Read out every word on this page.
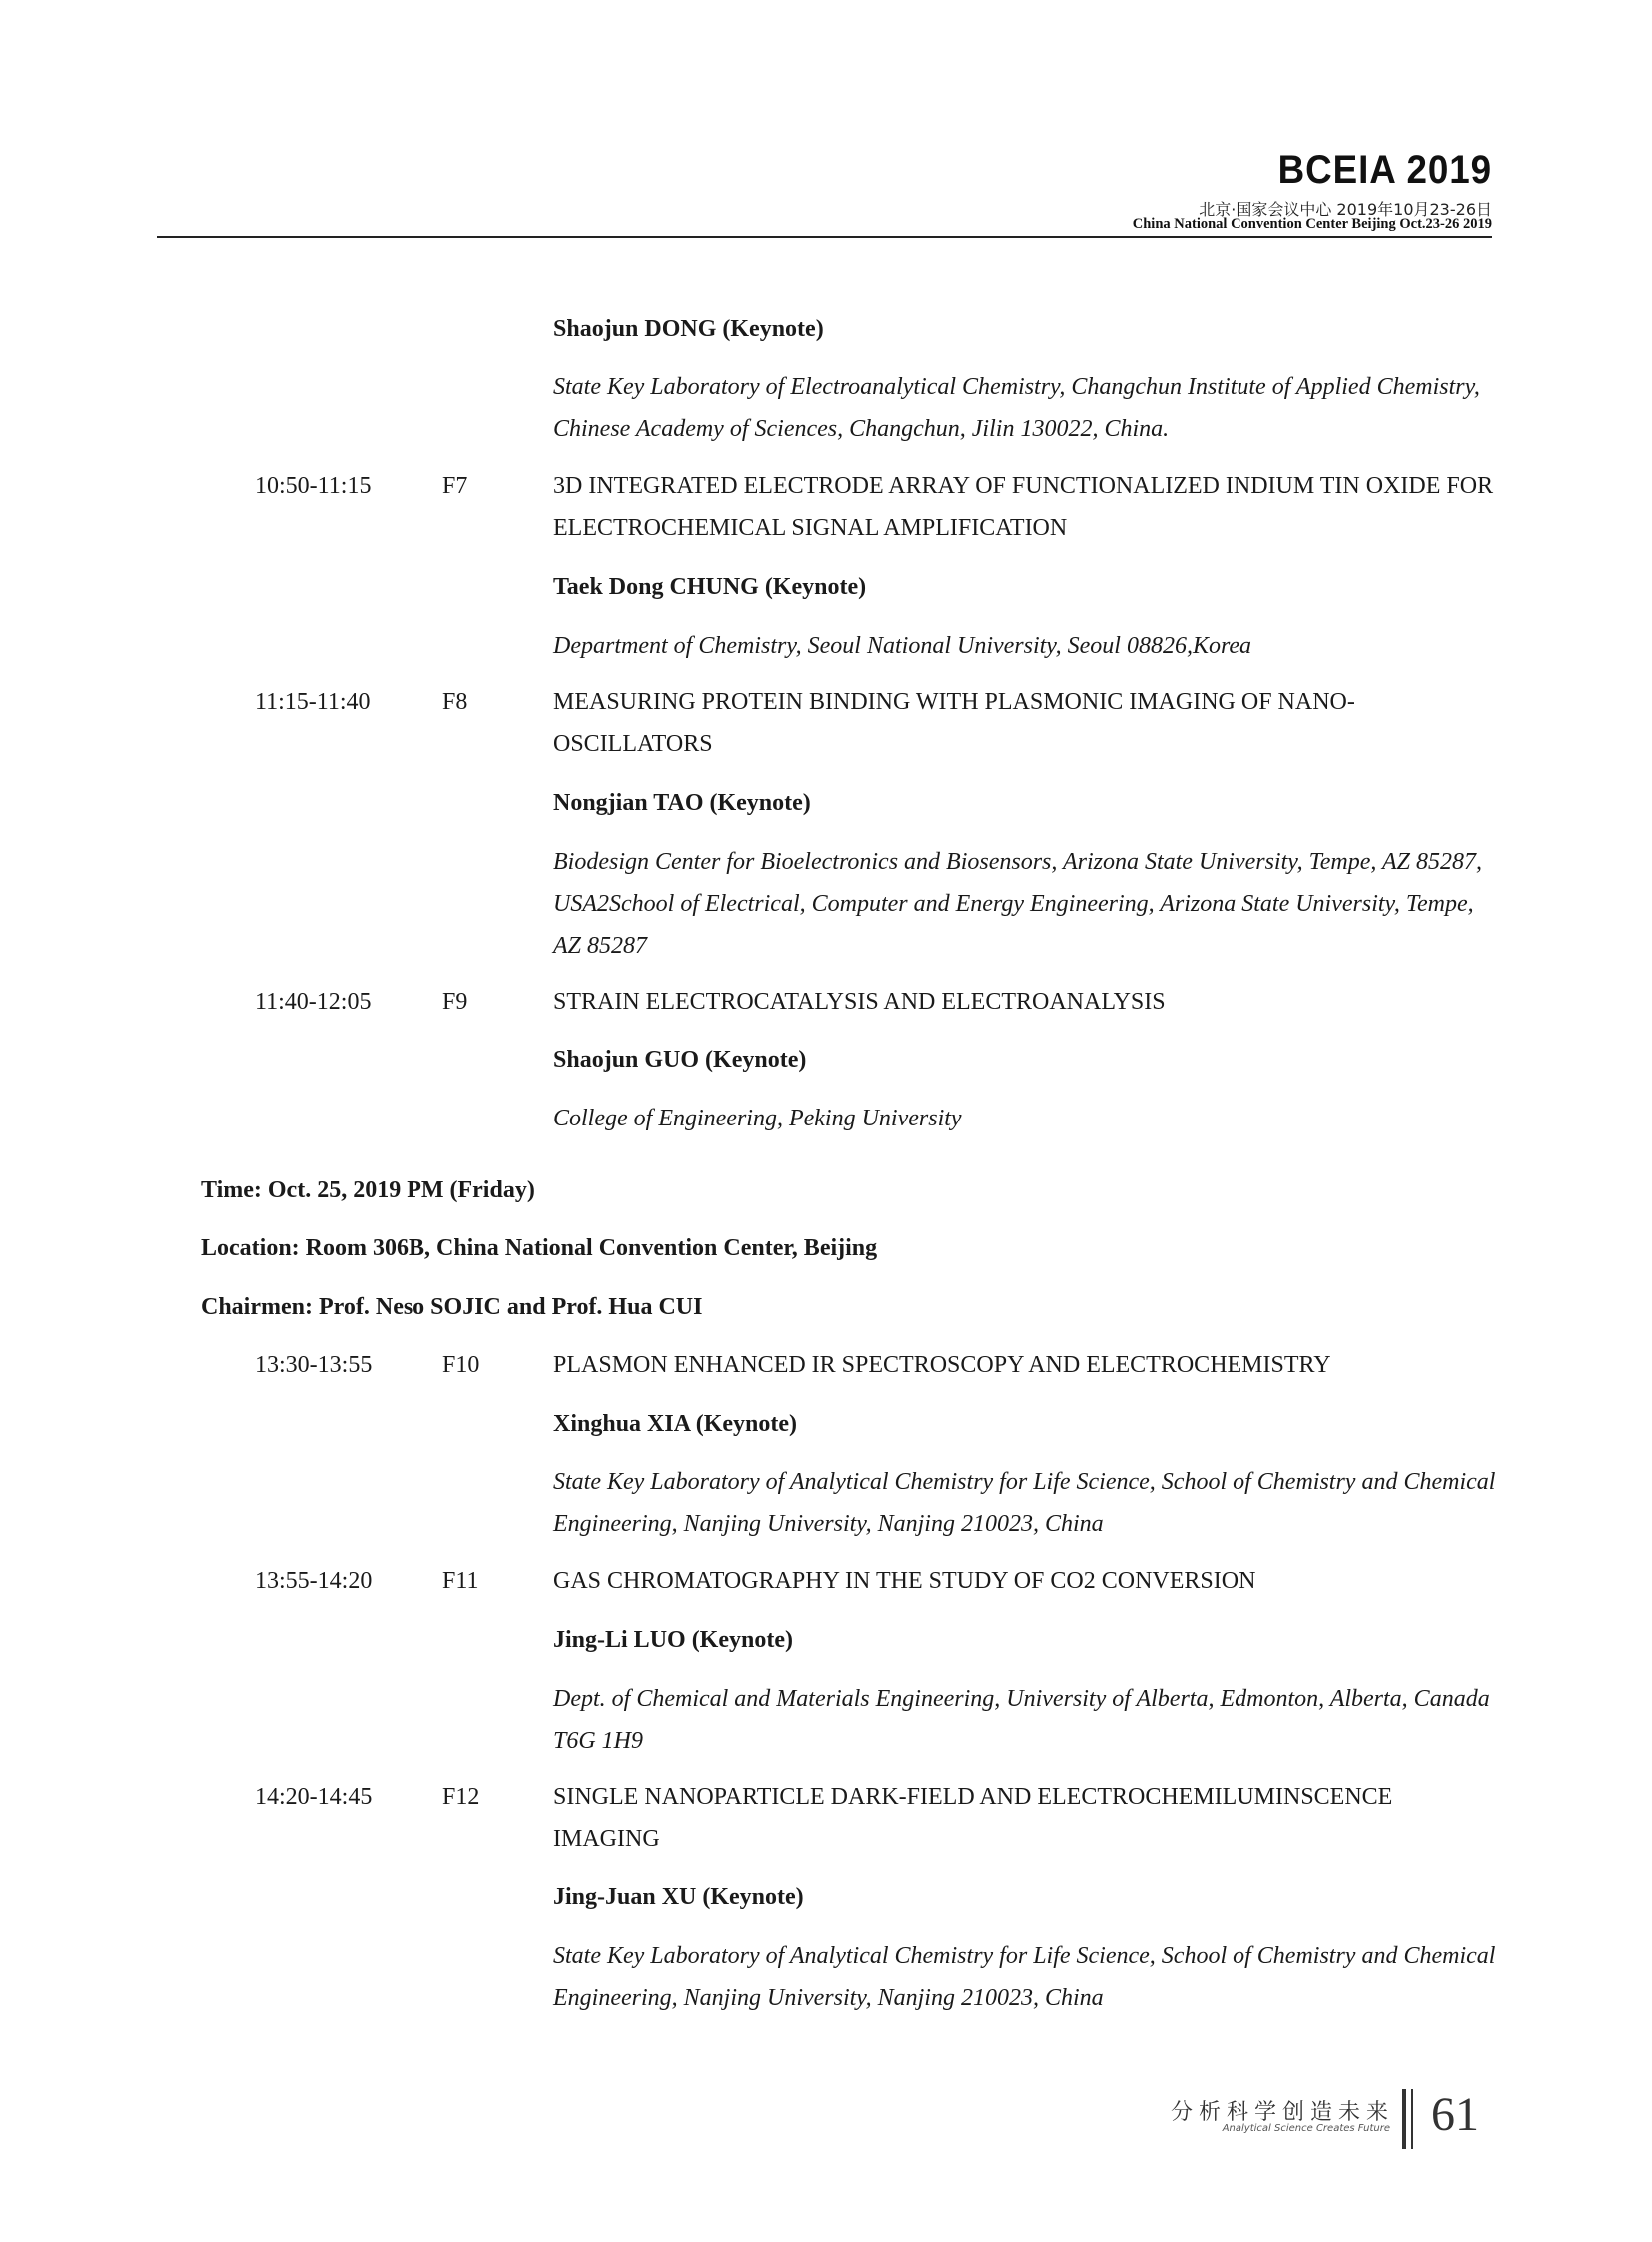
BCEIA 2019
北京·国家会议中心 2019年10月23-26日
China National Convention Center Beijing Oct.23-26 2019
Shaojun DONG (Keynote)
State Key Laboratory of Electroanalytical Chemistry, Changchun Institute of Applied Chemistry, Chinese Academy of Sciences, Changchun, Jilin 130022, China.
10:50-11:15	F7	3D INTEGRATED ELECTRODE ARRAY OF FUNCTIONALIZED INDIUM TIN OXIDE FOR ELECTROCHEMICAL SIGNAL AMPLIFICATION
Taek Dong CHUNG (Keynote)
Department of Chemistry, Seoul National University, Seoul 08826,Korea
11:15-11:40	F8	MEASURING PROTEIN BINDING WITH PLASMONIC IMAGING OF NANO-OSCILLATORS
Nongjian TAO (Keynote)
Biodesign Center for Bioelectronics and Biosensors, Arizona State University, Tempe, AZ 85287, USA2School of Electrical, Computer and Energy Engineering, Arizona State University, Tempe, AZ 85287
11:40-12:05	F9	STRAIN ELECTROCATALYSIS AND ELECTROANALYSIS
Shaojun GUO (Keynote)
College of Engineering, Peking University
Time: Oct. 25, 2019 PM (Friday)
Location: Room 306B, China National Convention Center, Beijing
Chairmen: Prof. Neso SOJIC and Prof. Hua CUI
13:30-13:55	F10	PLASMON ENHANCED IR SPECTROSCOPY AND ELECTROCHEMISTRY
Xinghua XIA (Keynote)
State Key Laboratory of Analytical Chemistry for Life Science, School of Chemistry and Chemical Engineering, Nanjing University, Nanjing 210023, China
13:55-14:20	F11	GAS CHROMATOGRAPHY IN THE STUDY OF CO2 CONVERSION
Jing-Li LUO (Keynote)
Dept. of Chemical and Materials Engineering, University of Alberta, Edmonton, Alberta, Canada T6G 1H9
14:20-14:45	F12	SINGLE NANOPARTICLE DARK-FIELD AND ELECTROCHEMILUMINSCENCE IMAGING
Jing-Juan XU (Keynote)
State Key Laboratory of Analytical Chemistry for Life Science, School of Chemistry and Chemical Engineering, Nanjing University, Nanjing 210023, China
分析科学创造未来
Analytical Science Creates Future 61
